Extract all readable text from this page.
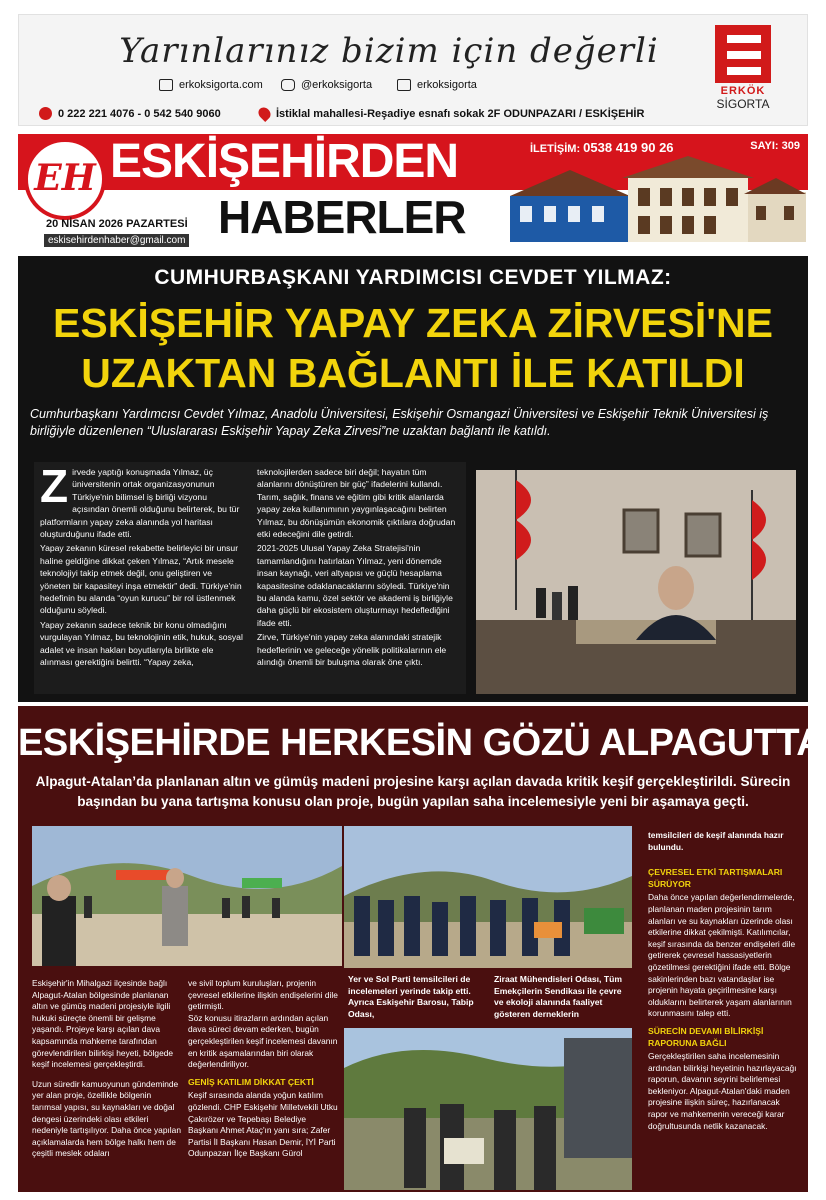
Yarınlarınız bizim için değerli
erkoksigorta.com	@erkoksigorta	erkoksigorta
0 222 221 4076 - 0 542 540 9060	İstiklal mahallesi-Reşadiye esnafı sokak 2F ODUNPAZARI / ESKİŞEHİR
ERKÖK
SİGORTA
EH ESKİŞEHİRDEN
HABERLER
İLETİŞİM: 0538 419 90 26	SAYI: 309
20 NİSAN 2026 PAZARTESİ
eskisehirdenhaber@gmail.com
CUMHURBAŞKANI YARDIMCISI CEVDET YILMAZ:
ESKİŞEHİR YAPAY ZEKA ZİRVESİ'NE
UZAKTAN BAĞLANTI İLE KATILDI
Cumhurbaşkanı Yardımcısı Cevdet Yılmaz, Anadolu Üniversitesi, Eskişehir Osmangazi Üniversitesi ve Eskişehir Teknik Üniversitesi iş birliğiyle düzenlenen “Uluslararası Eskişehir Yapay Zeka Zirvesi”ne uzaktan bağlantı ile katıldı.

Zirvede yaptığı konuşmada Yılmaz, üç üniversitenin ortak organizasyonunun Türkiye'nin bilimsel iş birliği vizyonu açısından önemli olduğunu belirterek, bu tür platformların yapay zeka alanında yol haritası oluşturduğunu ifade etti.

Yapay zekanın küresel rekabette belirleyici bir unsur haline geldiğine dikkat çeken Yılmaz, “Artık mesele teknolojiyi takip etmek değil, onu geliştiren ve yöneten bir kapasiteyi inşa etmektir” dedi. Türkiye'nin hedefinin bu alanda “oyun kurucu” bir rol üstlenmek olduğunu söyledi.

Yapay zekanın sadece teknik bir konu olmadığını vurgulayan Yılmaz, bu teknolojinin etik, hukuk, sosyal adalet ve insan hakları boyutlarıyla birlikte ele alınması gerektiğini belirtti. “Yapay zeka, teknolojilerden sadece biri değil; hayatın tüm alanlarını dönüştüren bir güç” ifadelerini kullandı. Tarım, sağlık, finans ve eğitim gibi kritik alanlarda yapay zeka kullanımının yaygınlaşacağını belirten Yılmaz, bu dönüşümün ekonomik çıktılara doğrudan etki edeceğini dile getirdi.

2021-2025 Ulusal Yapay Zeka Stratejisi'nin tamamlandığını hatırlatan Yılmaz, yeni dönemde insan kaynağı, veri altyapısı ve güçlü hesaplama kapasitesine odaklanacaklarını söyledi. Türkiye'nin bu alanda kamu, özel sektör ve akademi iş birliğiyle daha güçlü bir ekosistem oluşturmayı hedeflediğini ifade etti.

Zirve, Türkiye'nin yapay zeka alanındaki stratejik hedeflerinin ve geleceğe yönelik politikalarının ele alındığı önemli bir buluşma olarak öne çıktı.

ESKİŞEHİRDE HERKESİN GÖZÜ ALPAGUTTA
Alpagut-Atalan’da planlanan altın ve gümüş madeni projesine karşı açılan davada kritik keşif gerçekleştirildi. Sürecin başından bu yana tartışma konusu olan proje, bugün yapılan saha incelemesiyle yeni bir aşamaya geçti.

Eskişehir'in Mihalgazi ilçesinde bağlı Alpagut-Atalan bölgesinde planlanan altın ve gümüş madeni projesiyle ilgili hukuki süreçte önemli bir gelişme yaşandı. Projeye karşı açılan dava kapsamında mahkeme tarafından görevlendirilen bilirkişi heyeti, bölgede keşif incelemesi gerçekleştirdi.

Uzun süredir kamuoyunun gündeminde yer alan proje, özellikle bölgenin tarımsal yapısı, su kaynakları ve doğal dengesi üzerindeki olası etkileri nedeniyle tartışılıyor. Daha önce yapılan açıklamalarda hem bölge halkı hem de çeşitli meslek odaları

ve sivil toplum kuruluşları, projenin çevresel etkilerine ilişkin endişelerini dile getirmişti.

Söz konusu itirazların ardından açılan dava süreci devam ederken, bugün gerçekleştirilen keşif incelemesi davanın en kritik aşamalarından biri olarak değerlendiriliyor.

GENİŞ KATILIM DİKKAT ÇEKTİ

Keşif sırasında alanda yoğun katılım gözlendi. CHP Eskişehir Milletvekili Utku Çakırözer ve Tepebaşı Belediye Başkanı Ahmet Ataç'ın yanı sıra; Zafer Partisi İl Başkanı Hasan Demir, İYİ Parti Odunpazarı İlçe Başkanı Gürol

Yer ve Sol Parti temsilcileri de incelemeleri yerinde takip etti. Ayrıca Eskişehir Barosu, Tabip Odası,
Ziraat Mühendisleri Odası, Tüm Emekçilerin Sendikası ile çevre ve ekoloji alanında faaliyet gösteren derneklerin

temsilcileri de keşif alanında hazır bulundu.

ÇEVRESEL ETKİ TARTIŞMALARI SÜRÜYOR

Daha önce yapılan değerlendirmelerde, planlanan maden projesinin tarım alanları ve su kaynakları üzerinde olası etkilerine dikkat çekilmişti. Katılımcılar, keşif sırasında da benzer endişeleri dile getirerek çevresel hassasiyetlerin gözetilmesi gerektiğini ifade etti. Bölge sakinlerinden bazı vatandaşlar ise projenin hayata geçirilmesine karşı olduklarını belirterek yaşam alanlarının korunmasını talep etti.

SÜRECİN DEVAMI BİLİRKİŞİ RAPORUNA BAĞLI

Gerçekleştirilen saha incelemesinin ardından bilirkişi heyetinin hazırlayacağı raporun, davanın seyrini belirlemesi bekleniyor. Alpagut-Atalan'daki maden projesine ilişkin süreç, hazırlanacak rapor ve mahkemenin vereceği karar doğrultusunda netlik kazanacak.
